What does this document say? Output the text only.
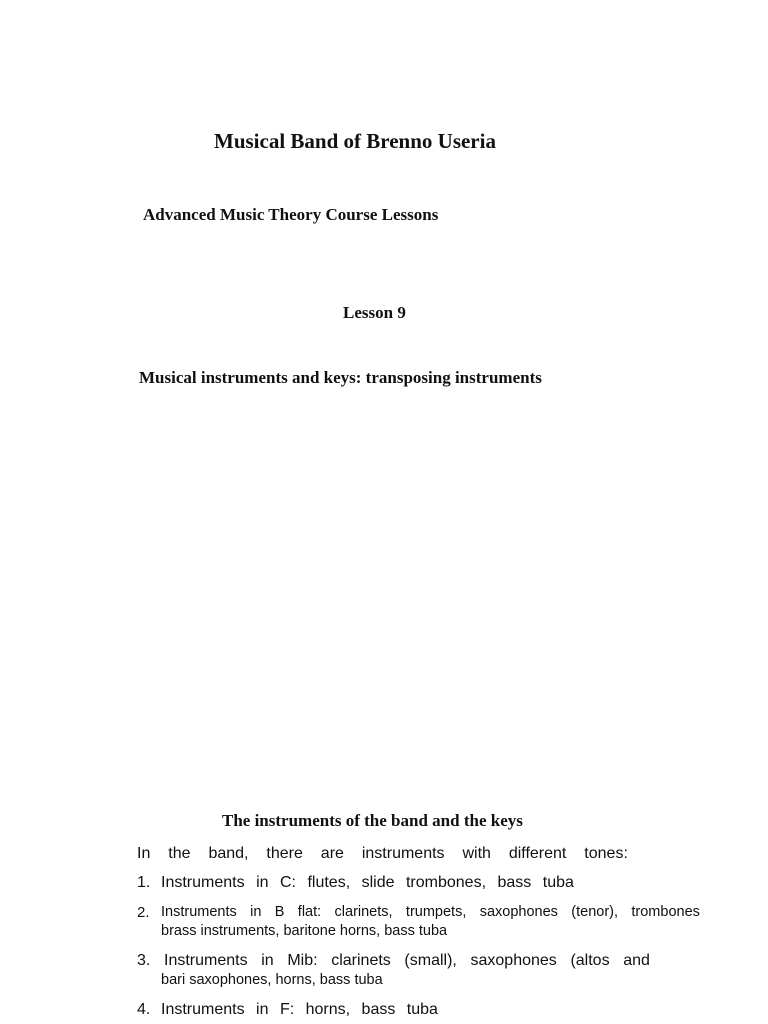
Musical Band of Brenno Useria
Advanced Music Theory Course Lessons
Lesson 9
Musical instruments and keys: transposing instruments
The instruments of the band and the keys
In the band, there are instruments with different tones:
1. Instruments in C: flutes, slide trombones, bass tuba
2. Instruments in B flat: clarinets, trumpets, saxophones (tenor), trombones
brass instruments, baritone horns, bass tuba
3. Instruments in Mib: clarinets (small), saxophones (altos and
bari saxophones, horns, bass tuba
4. Instruments in F: horns, bass tuba
